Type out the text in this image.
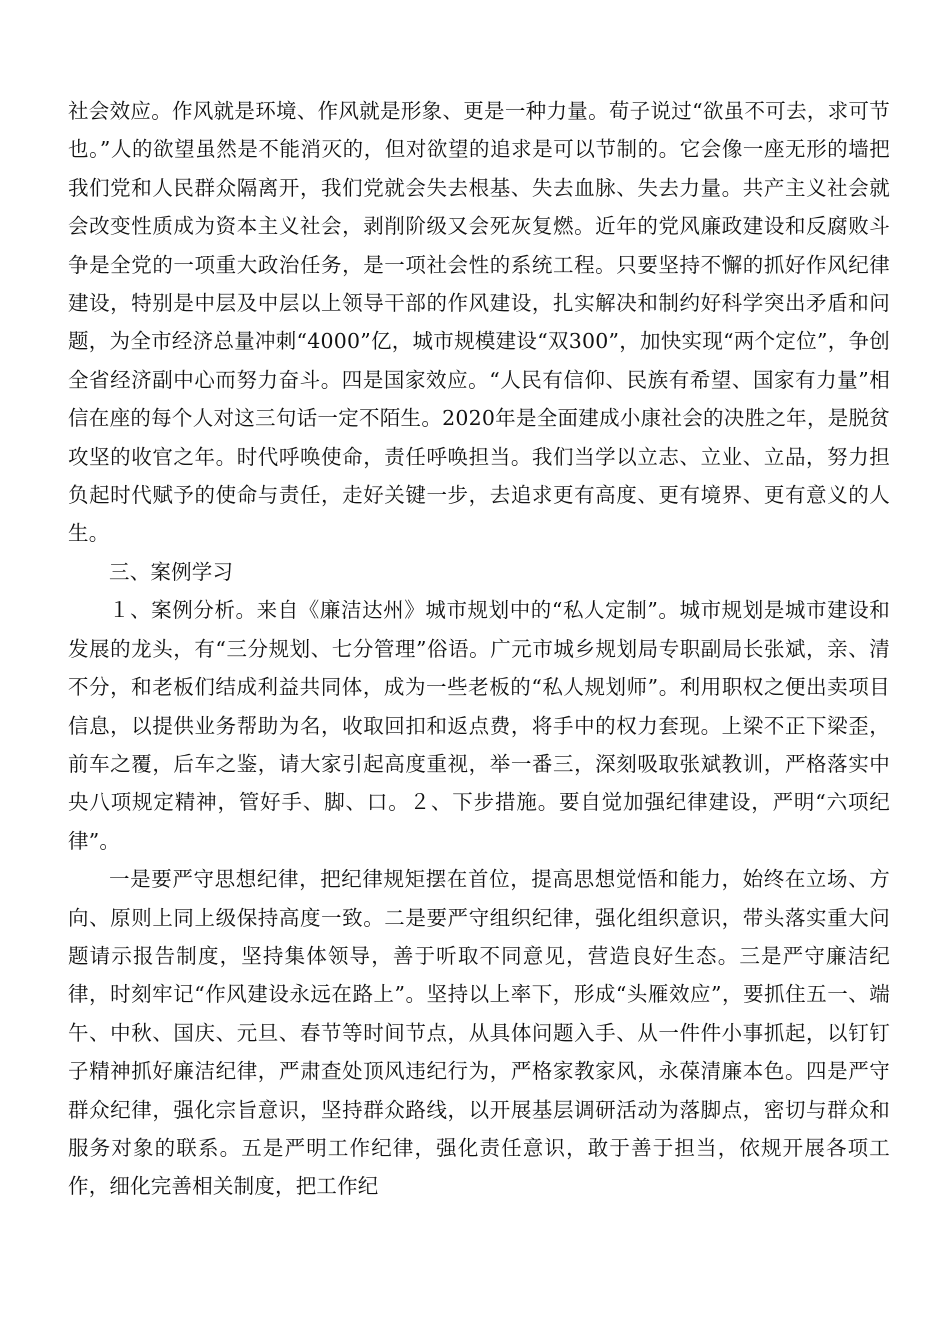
社会效应。作风就是环境、作风就是形象、更是一种力量。荀子说过“欲虽不可去，求可节也。”人的欲望虽然是不能消灭的，但对欲望的追求是可以节制的。它会像一座无形的墙把我们党和人民群众隔离开，我们党就会失去根基、失去血脉、失去力量。共产主义社会就会改变性质成为资本主义社会，剥削阶级又会死灰复燃。近年的党风廉政建设和反腐败斗争是全党的一项重大政治任务，是一项社会性的系统工程。只要坚持不懈的抓好作风纪律建设，特别是中层及中层以上领导干部的作风建设，扎实解决和制约好科学突出矛盾和问题，为全市经济总量冲刺“4000”亿，城市规模建设“双300”，加快实现“两个定位”，争创全省经济副中心而努力奋斗。四是国家效应。“人民有信仰、民族有希望、国家有力量”相信在座的每个人对这三句话一定不陌生。2020年是全面建成小康社会的决胜之年，是脱贫攻坚的收官之年。时代呼唤使命，责任呼唤担当。我们当学以立志、立业、立品，努力担负起时代赋予的使命与责任，走好关键一步，去追求更有高度、更有境界、更有意义的人生。

三、案例学习

１、案例分析。来自《廉洁达州》城市规划中的“私人定制”。城市规划是城市建设和发展的龙头，有“三分规划、七分管理”俗语。广元市城乡规划局专职副局长张斌，亲、清不分，和老板们结成利益共同体，成为一些老板的“私人规划师”。利用职权之便出卖项目信息，以提供业务帮助为名，收取回扣和返点费，将手中的权力套现。上梁不正下梁歪，前车之覆，后车之鉴，请大家引起高度重视，举一番三，深刻吸取张斌教训，严格落实中央八项规定精神，管好手、脚、口。２、下步措施。要自觉加强纪律建设，严明“六项纪律”。

一是要严守思想纪律，把纪律规矩摆在首位，提高思想觉悟和能力，始终在立场、方向、原则上同上级保持高度一致。二是要严守组织纪律，强化组织意识，带头落实重大问题请示报告制度，坚持集体领导，善于听取不同意见，营造良好生态。三是严守廉洁纪律，时刻牢记“作风建设永远在路上”。坚持以上率下，形成“头雁效应”，要抓住五一、端午、中秋、国庆、元旦、春节等时间节点，从具体问题入手、从一件件小事抓起，以钉钉子精神抓好廉洁纪律，严肃查处顶风违纪行为，严格家教家风，永葆清廉本色。四是严守群众纪律，强化宗旨意识，坚持群众路线，以开展基层调研活动为落脚点，密切与群众和服务对象的联系。五是严明工作纪律，强化责任意识，敢于善于担当，依规开展各项工作，细化完善相关制度，把工作纪
